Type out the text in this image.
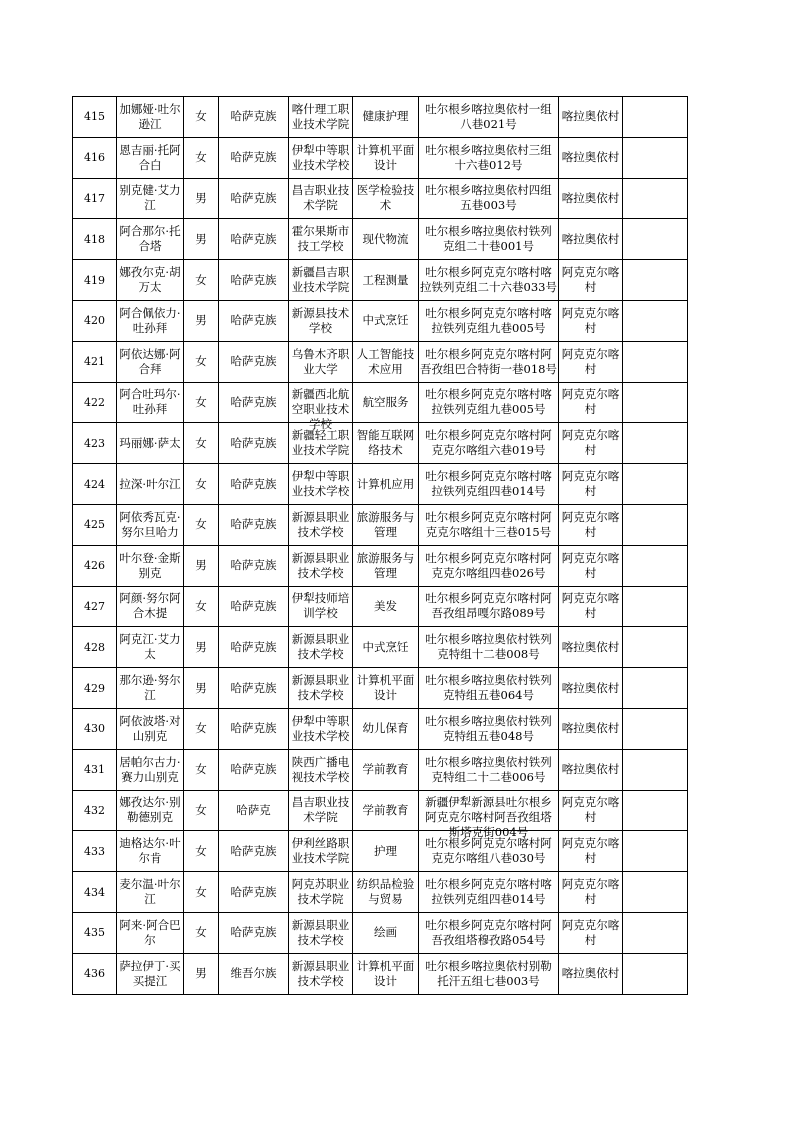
415	加娜娅·吐尔逊江	女	哈萨克族	喀什理工职业技术学院	健康护理	吐尔根乡喀拉奥依村一组八巷021号	喀拉奥依村	

416	恩吉丽·托阿合白	女	哈萨克族	伊犁中等职业技术学校	计算机平面设计	吐尔根乡喀拉奥依村三组十六巷012号	喀拉奥依村	

417	别克健·艾力江	男	哈萨克族	昌吉职业技术学院	医学检验技术	吐尔根乡喀拉奥依村四组五巷003号	喀拉奥依村	

418	阿合那尔·托合塔	男	哈萨克族	霍尔果斯市技工学校	现代物流	吐尔根乡喀拉奥依村铁列克组二十巷001号	喀拉奥依村	

419	娜孜尔克·胡万太	女	哈萨克族	新疆昌吉职业技术学院	工程测量	吐尔根乡阿克克尔喀村喀拉铁列克组二十六巷033号	阿克克尔喀村	

420	阿合佩依力·吐孙拜	男	哈萨克族	新源县技术学校	中式烹饪	吐尔根乡阿克克尔喀村喀拉铁列克组九巷005号	阿克克尔喀村	

421	阿依达娜·阿合拜	女	哈萨克族	乌鲁木齐职业大学	人工智能技术应用	吐尔根乡阿克克尔喀村阿吾孜组巴合特街一巷018号	阿克克尔喀村	

422	阿合吐玛尔·吐孙拜	女	哈萨克族	新疆西北航空职业技术学校	航空服务	吐尔根乡阿克克尔喀村喀拉铁列克组九巷005号	阿克克尔喀村	

423	玛丽娜·萨太	女	哈萨克族	新疆轻工职业技术学院	智能互联网络技术	吐尔根乡阿克克尔喀村阿克克尔喀组六巷019号	阿克克尔喀村	

424	拉深·叶尔江	女	哈萨克族	伊犁中等职业技术学校	计算机应用	吐尔根乡阿克克尔喀村喀拉铁列克组四巷014号	阿克克尔喀村	

425	阿依秀瓦克·努尔旦哈力	女	哈萨克族	新源县职业技术学校	旅游服务与管理	吐尔根乡阿克克尔喀村阿克克尔喀组十三巷015号	阿克克尔喀村	

426	叶尔登·金斯别克	男	哈萨克族	新源县职业技术学校	旅游服务与管理	吐尔根乡阿克克尔喀村阿克克尔喀组四巷026号	阿克克尔喀村	

427	阿颜·努尔阿合木提	女	哈萨克族	伊犁技师培训学校	美发	吐尔根乡阿克克尔喀村阿吾孜组昂嘎尔路089号	阿克克尔喀村	

428	阿克江·艾力太	男	哈萨克族	新源县职业技术学校	中式烹饪	吐尔根乡喀拉奥依村铁列克特组十二巷008号	喀拉奥依村	

429	那尔逊·努尔江	男	哈萨克族	新源县职业技术学校	计算机平面设计	吐尔根乡喀拉奥依村铁列克特组五巷064号	喀拉奥依村	

430	阿依波塔·对山别克	女	哈萨克族	伊犁中等职业技术学校	幼儿保育	吐尔根乡喀拉奥依村铁列克特组五巷048号	喀拉奥依村	

431	居帕尔古力·赛力山别克	女	哈萨克族	陕西广播电视技术学校	学前教育	吐尔根乡喀拉奥依村铁列克特组二十二巷006号	喀拉奥依村	

432	娜孜达尔·别勒德别克	女	哈萨克	昌吉职业技术学院	学前教育	新疆伊犁新源县吐尔根乡阿克克尔喀村阿吾孜组塔斯塔克街004号	阿克克尔喀村	

433	迪格达尔·叶尔肯	女	哈萨克族	伊利丝路职业技术学院	护理	吐尔根乡阿克克尔喀村阿克克尔喀组八巷030号	阿克克尔喀村	

434	麦尔温·叶尔江	女	哈萨克族	阿克苏职业技术学院	纺织品检验与贸易	吐尔根乡阿克克尔喀村喀拉铁列克组四巷014号	阿克克尔喀村	

435	阿来·阿合巴尔	女	哈萨克族	新源县职业技术学校	绘画	吐尔根乡阿克克尔喀村阿吾孜组塔穆孜路054号	阿克克尔喀村	

436	萨拉伊丁·买买提江	男	维吾尔族	新源县职业技术学校	计算机平面设计	吐尔根乡喀拉奥依村别勒托汗五组七巷003号	喀拉奥依村	
